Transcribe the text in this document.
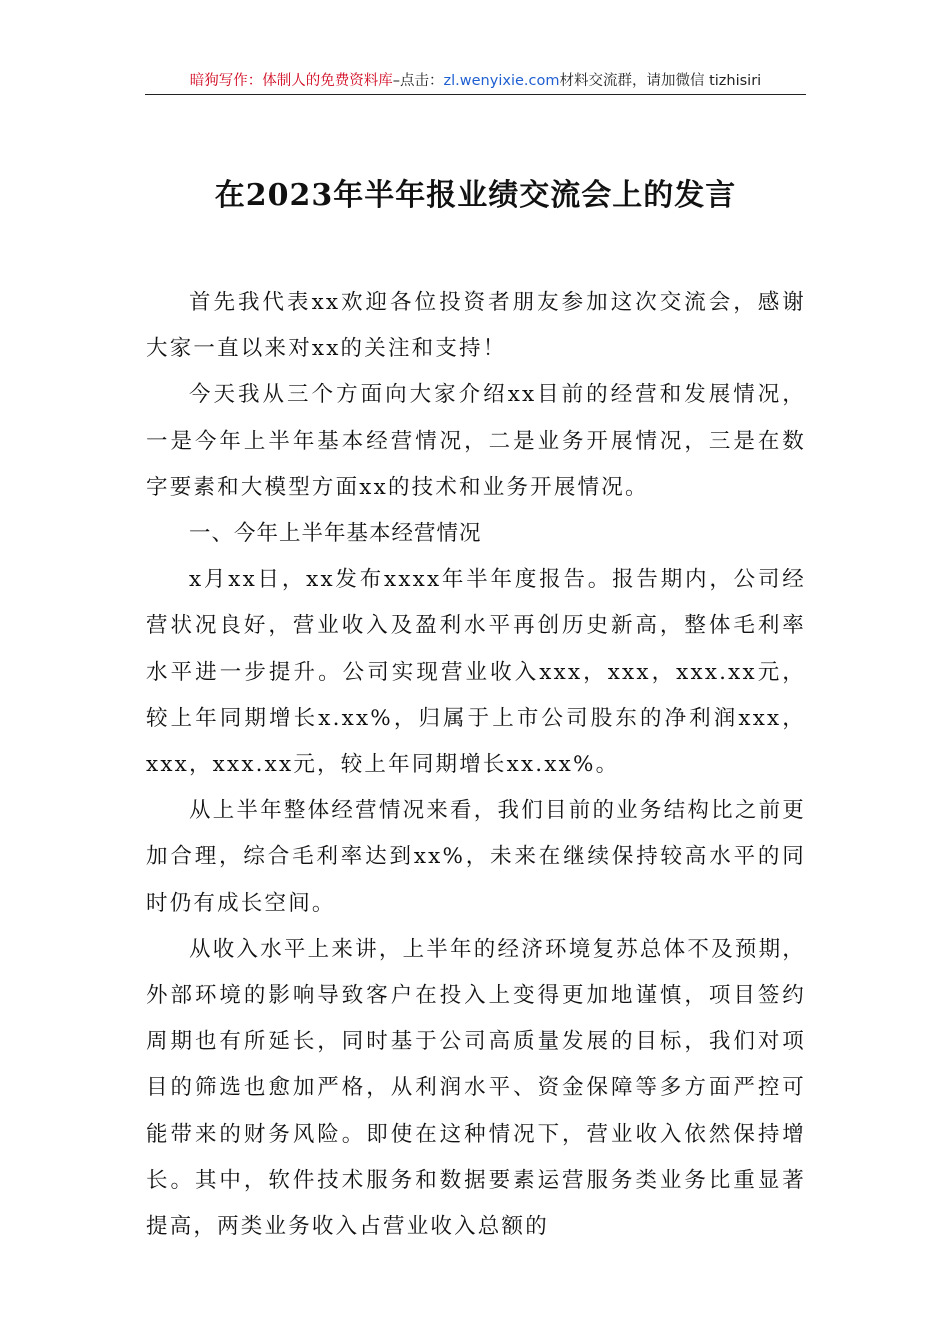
暗狗写作：体制人的免费资料库–点击：zl.wenyixie.com材料交流群，请加微信 tizhisiri
在2023年半年报业绩交流会上的发言

首先我代表xx欢迎各位投资者朋友参加这次交流会，感谢大家一直以来对xx的关注和支持！

今天我从三个方面向大家介绍xx目前的经营和发展情况，一是今年上半年基本经营情况，二是业务开展情况，三是在数字要素和大模型方面xx的技术和业务开展情况。

一、今年上半年基本经营情况

x月xx日，xx发布xxxx年半年度报告。报告期内，公司经营状况良好，营业收入及盈利水平再创历史新高，整体毛利率水平进一步提升。公司实现营业收入xxx，xxx，xxx.xx元，较上年同期增长x.xx%，归属于上市公司股东的净利润xxx，xxx，xxx.xx元，较上年同期增长xx.xx%。

从上半年整体经营情况来看，我们目前的业务结构比之前更加合理，综合毛利率达到xx%，未来在继续保持较高水平的同时仍有成长空间。

从收入水平上来讲，上半年的经济环境复苏总体不及预期，外部环境的影响导致客户在投入上变得更加地谨慎，项目签约周期也有所延长，同时基于公司高质量发展的目标，我们对项目的筛选也愈加严格，从利润水平、资金保障等多方面严控可能带来的财务风险。即使在这种情况下，营业收入依然保持增长。其中，软件技术服务和数据要素运营服务类业务比重显著提高，两类业务收入占营业收入总额的
